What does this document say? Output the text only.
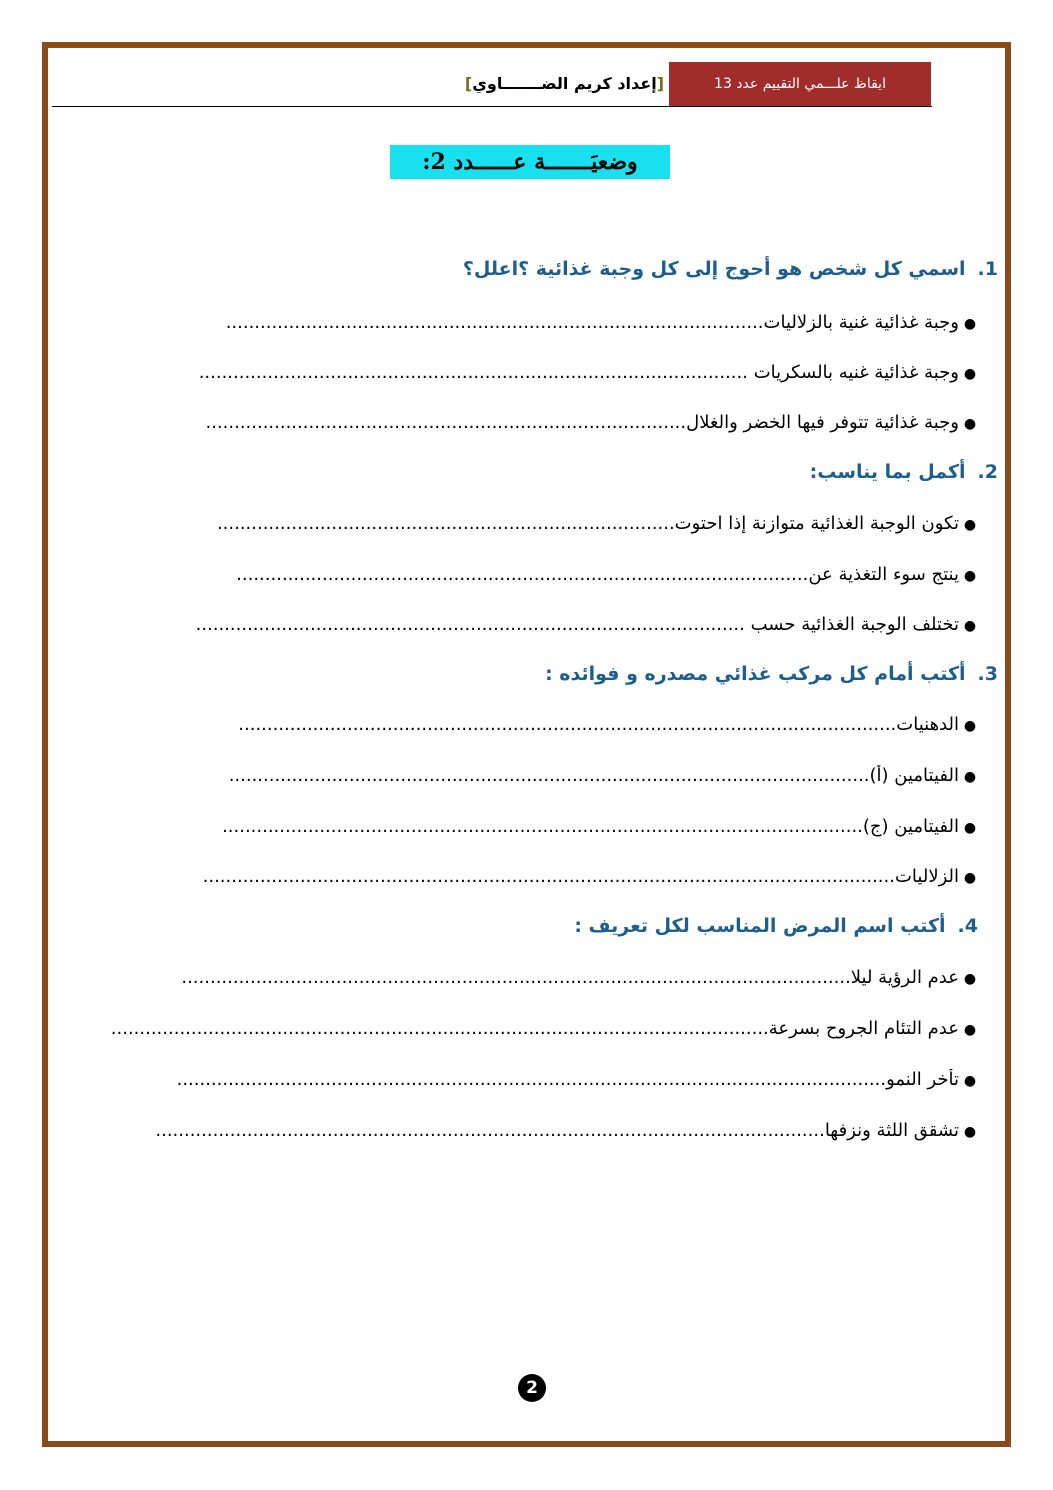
ايقاظ علـــمي التقييم عدد 13
[إعداد كريم الضـــــــاوي]
وضعيَـــــــة عــــــدد 2:
1.اسمي كل شخص هو أحوج إلى كل وجبة غذائية ؟اعلل؟
●وجبة غذائية غنية بالزلاليات..............................................................................................
●وجبة غذائية غنيه بالسكريات ................................................................................................
●وجبة غذائية تتوفر فيها الخضر والغلال....................................................................................
2.أكمل بما يناسب:
●تكون الوجبة الغذائية متوازنة إذا احتوت................................................................................
●ينتج سوء التغذية عن....................................................................................................
●تختلف الوجبة الغذائية حسب ................................................................................................
3.أكتب أمام كل مركب غذائي مصدره و فوائده :
●الدهنيات...................................................................................................................
●الفيتامين (أ)................................................................................................................
●الفيتامين (ج)................................................................................................................
●الزلاليات.........................................................................................................................
4.أكتب اسم المرض المناسب لكل تعريف :
●عدم الرؤية ليلا.....................................................................................................................
●عدم التئام الجروح بسرعة...................................................................................................................
●تأخر النمو............................................................................................................................
●تشقق اللثة ونزفها.....................................................................................................................
2
